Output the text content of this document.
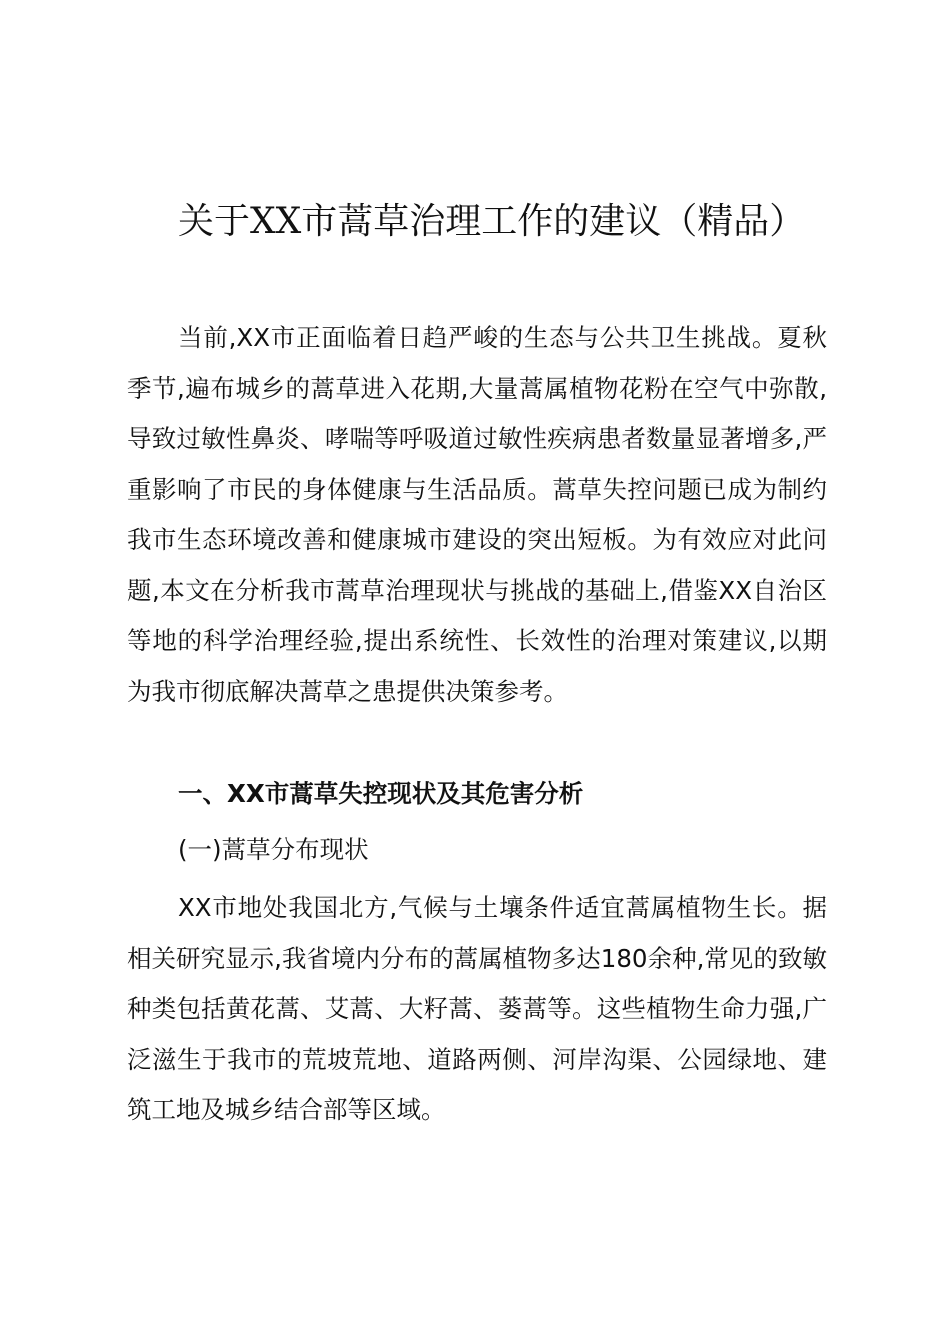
关于XX市蒿草治理工作的建议（精品）

当前,XX市正面临着日趋严峻的生态与公共卫生挑战。夏秋季节,遍布城乡的蒿草进入花期,大量蒿属植物花粉在空气中弥散,导致过敏性鼻炎、哮喘等呼吸道过敏性疾病患者数量显著增多,严重影响了市民的身体健康与生活品质。蒿草失控问题已成为制约我市生态环境改善和健康城市建设的突出短板。为有效应对此问题,本文在分析我市蒿草治理现状与挑战的基础上,借鉴XX自治区等地的科学治理经验,提出系统性、长效性的治理对策建议,以期为我市彻底解决蒿草之患提供决策参考。

一、XX市蒿草失控现状及其危害分析
(一)蒿草分布现状

XX市地处我国北方,气候与土壤条件适宜蒿属植物生长。据相关研究显示,我省境内分布的蒿属植物多达180余种,常见的致敏种类包括黄花蒿、艾蒿、大籽蒿、蒌蒿等。这些植物生命力强,广泛滋生于我市的荒坡荒地、道路两侧、河岸沟渠、公园绿地、建筑工地及城乡结合部等区域。
